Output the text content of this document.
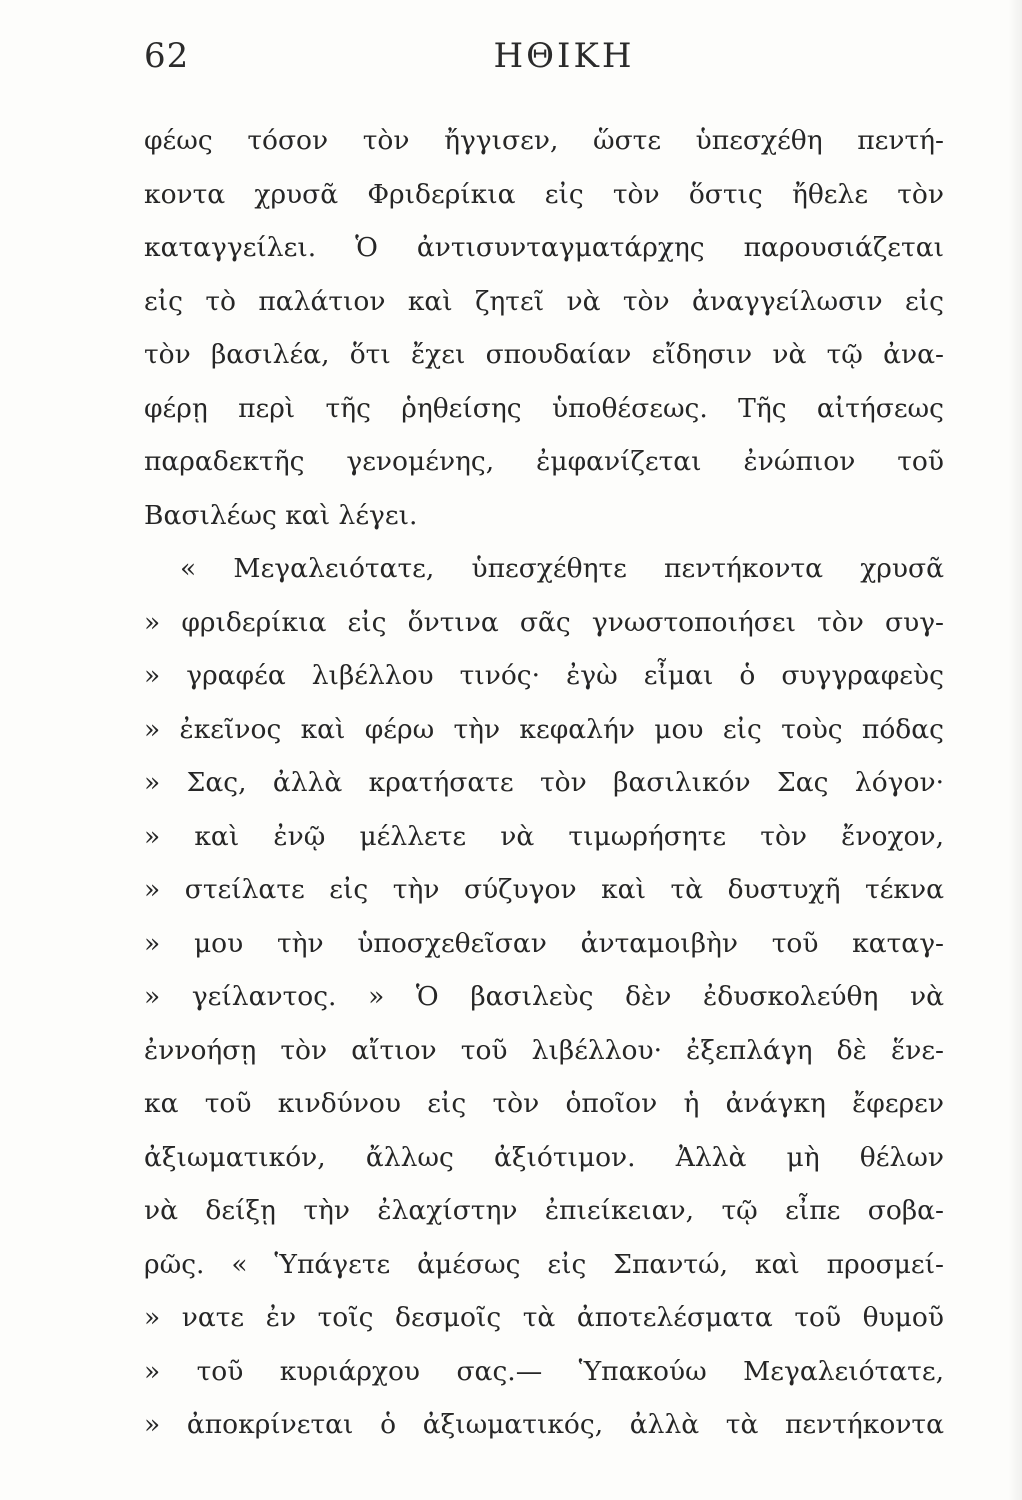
62	ΗΘΙΚΗ
φέως τόσον τὸν ἤγγισεν, ὥστε ὑπεσχέθη πεντή-
κοντα χρυσᾶ Φριδερίκια εἰς τὸν ὅστις ἤθελε τὸν
καταγγείλει. Ὁ ἀντισυνταγματάρχης παρουσιάζεται
εἰς τὸ παλάτιον καὶ ζητεῖ νὰ τὸν ἀναγγείλωσιν εἰς
τὸν βασιλέα, ὅτι ἔχει σπουδαίαν εἴδησιν νὰ τῷ ἀνα-
φέρῃ περὶ τῆς ῥηθείσης ὑποθέσεως. Τῆς αἰτήσεως
παραδεκτῆς γενομένης, ἐμφανίζεται ἐνώπιον τοῦ
Βασιλέως καὶ λέγει.
« Μεγαλειότατε, ὑπεσχέθητε πεντήκοντα χρυσᾶ
» φριδερίκια εἰς ὅντινα σᾶς γνωστοποιήσει τὸν συγ-
» γραφέα λιβέλλου τινός· ἐγὼ εἶμαι ὁ συγγραφεὺς
» ἐκεῖνος καὶ φέρω τὴν κεφαλήν μου εἰς τοὺς πόδας
» Σας, ἀλλὰ κρατήσατε τὸν βασιλικόν Σας λόγον·
» καὶ ἐνῷ μέλλετε νὰ τιμωρήσητε τὸν ἔνοχον,
» στείλατε εἰς τὴν σύζυγον καὶ τὰ δυστυχῆ τέκνα
» μου τὴν ὑποσχεθεῖσαν ἀνταμοιβὴν τοῦ καταγ-
» γείλαντος. » Ὁ βασιλεὺς δὲν ἐδυσκολεύθη νὰ
ἐννοήσῃ τὸν αἴτιον τοῦ λιβέλλου· ἐξεπλάγη δὲ ἕνε-
κα τοῦ κινδύνου εἰς τὸν ὁποῖον ἡ ἀνάγκη ἔφερεν
ἀξιωματικόν, ἄλλως ἀξιότιμον. Ἀλλὰ μὴ θέλων
νὰ δείξῃ τὴν ἐλαχίστην ἐπιείκειαν, τῷ εἶπε σοβα-
ρῶς. « Ὑπάγετε ἀμέσως εἰς Σπαντώ, καὶ προσμεί-
» νατε ἐν τοῖς δεσμοῖς τὰ ἀποτελέσματα τοῦ θυμοῦ
» τοῦ κυριάρχου σας.— Ὑπακούω Μεγαλειότατε,
» ἀποκρίνεται ὁ ἀξιωματικός, ἀλλὰ τὰ πεντήκοντα
